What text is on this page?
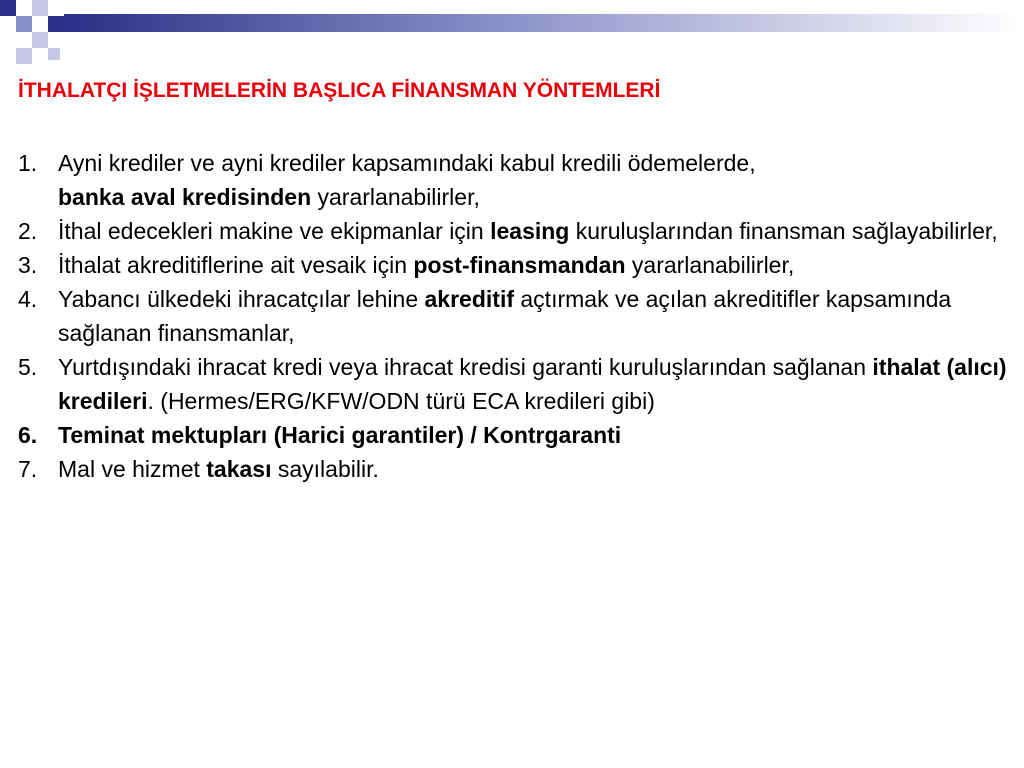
İTHALATÇI İŞLETMELERİN BAŞLICA FİNANSMAN YÖNTEMLERİ
1. Ayni krediler ve ayni krediler kapsamındaki kabul kredili ödemelerde,
banka aval kredisinden yararlanabilirler,
2. İthal edecekleri makine ve ekipmanlar için leasing kuruluşlarından finansman sağlayabilirler,
3. İthalat akreditiflerine ait vesaik için post-finansmandan yararlanabilirler,
4. Yabancı ülkedeki ihracatçılar lehine akreditif açtırmak ve açılan akreditifler kapsamında sağlanan finansmanlar,
5. Yurtdışındaki ihracat kredi veya ihracat kredisi garanti kuruluşlarından sağlanan ithalat (alıcı) kredileri. (Hermes/ERG/KFW/ODN türü ECA kredileri gibi)
6. Teminat mektupları (Harici garantiler) / Kontrgaranti
7. Mal ve hizmet takası sayılabilir.
